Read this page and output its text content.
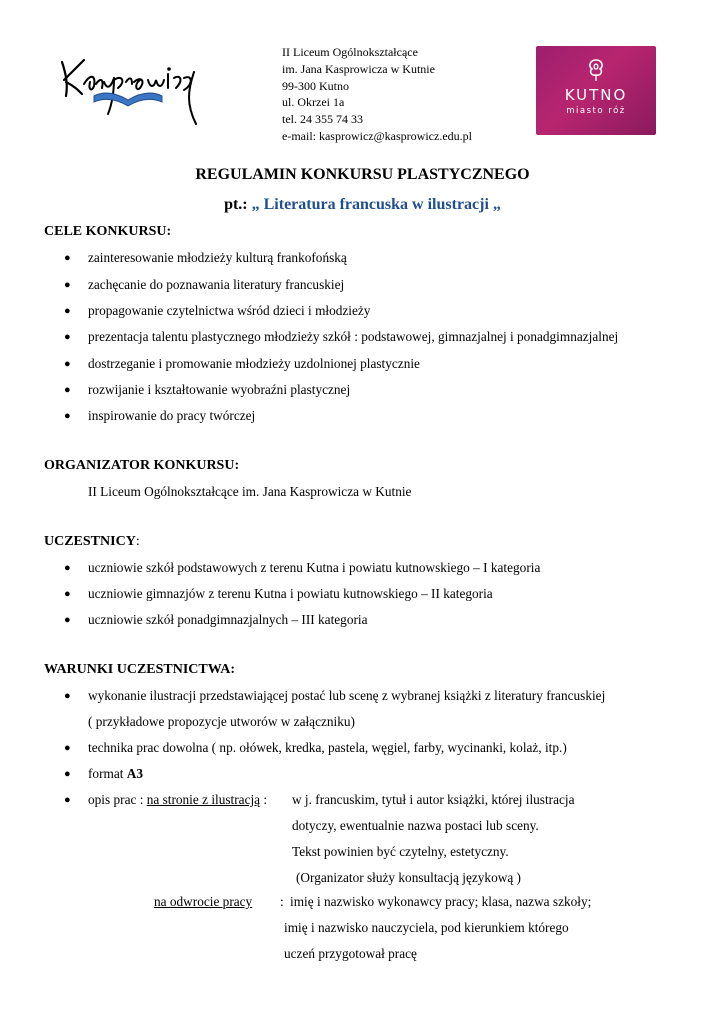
II Liceum Ogólnokształcące
im. Jana Kasprowicza w Kutnie
99-300 Kutno
ul. Okrzei 1a
tel. 24 355 74 33
e-mail: kasprowicz@kasprowicz.edu.pl
KUTNO
miasto róż
REGULAMIN KONKURSU PLASTYCZNEGO
pt.: „ Literatura francuska w ilustracji „
CELE KONKURSU:
● zainteresowanie młodzieży kulturą frankofońską
● zachęcanie do poznawania literatury francuskiej
● propagowanie czytelnictwa wśród dzieci i młodzieży
● prezentacja talentu plastycznego młodzieży szkół : podstawowej, gimnazjalnej i ponadgimnazjalnej
● dostrzeganie i promowanie młodzieży uzdolnionej plastycznie
● rozwijanie i kształtowanie wyobraźni plastycznej
● inspirowanie do pracy twórczej
ORGANIZATOR KONKURSU:
II Liceum Ogólnokształcące im. Jana Kasprowicza w Kutnie
UCZESTNICY:
● uczniowie szkół podstawowych z terenu Kutna i powiatu kutnowskiego – I kategoria
● uczniowie gimnazjów z terenu Kutna i powiatu kutnowskiego – II kategoria
● uczniowie szkół ponadgimnazjalnych – III kategoria
WARUNKI UCZESTNICTWA:
● wykonanie ilustracji przedstawiającej postać lub scenę z wybranej książki z literatury francuskiej
( przykładowe propozycje utworów w załączniku)
● technika prac dowolna ( np. ołówek, kredka, pastela, węgiel, farby, wycinanki, kolaż, itp.)
● format A3
● opis prac : na stronie z ilustracją : w j. francuskim, tytuł i autor książki, której ilustracja
dotyczy, ewentualnie nazwa postaci lub sceny.
Tekst powinien być czytelny, estetyczny.
(Organizator służy konsultacją językową )
na odwrocie pracy : imię i nazwisko wykonawcy pracy; klasa, nazwa szkoły;
imię i nazwisko nauczyciela, pod kierunkiem którego
uczeń przygotował pracę
